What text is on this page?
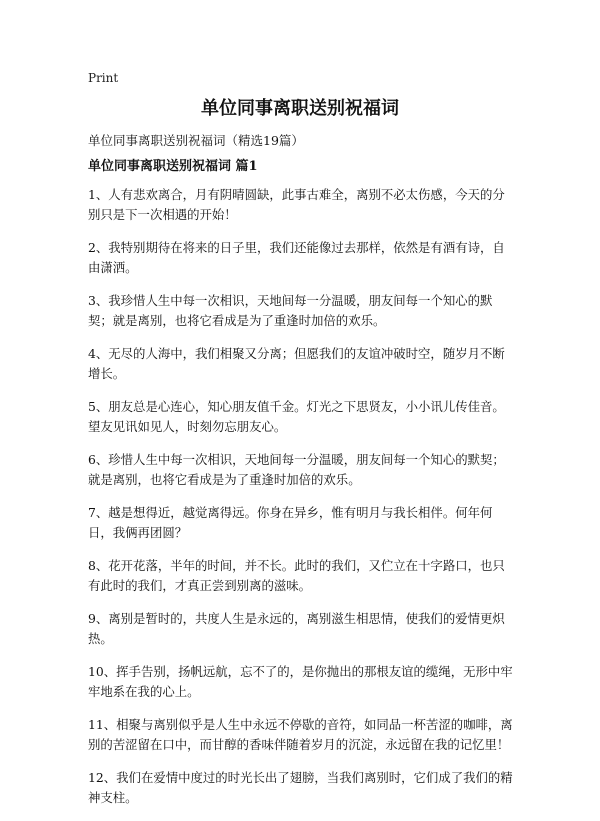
Print
单位同事离职送别祝福词

单位同事离职送别祝福词（精选19篇）

单位同事离职送别祝福词 篇1
1、人有悲欢离合，月有阴晴圆缺，此事古难全，离别不必太伤感，今天的分别只是下一次相遇的开始！
2、我特别期待在将来的日子里，我们还能像过去那样，依然是有酒有诗，自由潇洒。
3、我珍惜人生中每一次相识，天地间每一分温暖，朋友间每一个知心的默契；就是离别，也将它看成是为了重逢时加倍的欢乐。
4、无尽的人海中，我们相聚又分离；但愿我们的友谊冲破时空，随岁月不断增长。
5、朋友总是心连心，知心朋友值千金。灯光之下思贤友，小小讯儿传佳音。望友见讯如见人，时刻勿忘朋友心。
6、珍惜人生中每一次相识，天地间每一分温暖，朋友间每一个知心的默契；就是离别，也将它看成是为了重逢时加倍的欢乐。
7、越是想得近，越觉离得远。你身在异乡，惟有明月与我长相伴。何年何日，我俩再团圆？
8、花开花落，半年的时间，并不长。此时的我们，又伫立在十字路口，也只有此时的我们，才真正尝到别离的滋味。
9、离别是暂时的，共度人生是永远的，离别滋生相思情，使我们的爱情更炽热。
10、挥手告别，扬帆远航，忘不了的，是你抛出的那根友谊的缆绳，无形中牢牢地系在我的心上。
11、相聚与离别似乎是人生中永远不停歇的音符，如同品一杯苦涩的咖啡，离别的苦涩留在口中，而甘醇的香味伴随着岁月的沉淀，永远留在我的记忆里！
12、我们在爱情中度过的时光长出了翅膀，当我们离别时，它们成了我们的精神支柱。
